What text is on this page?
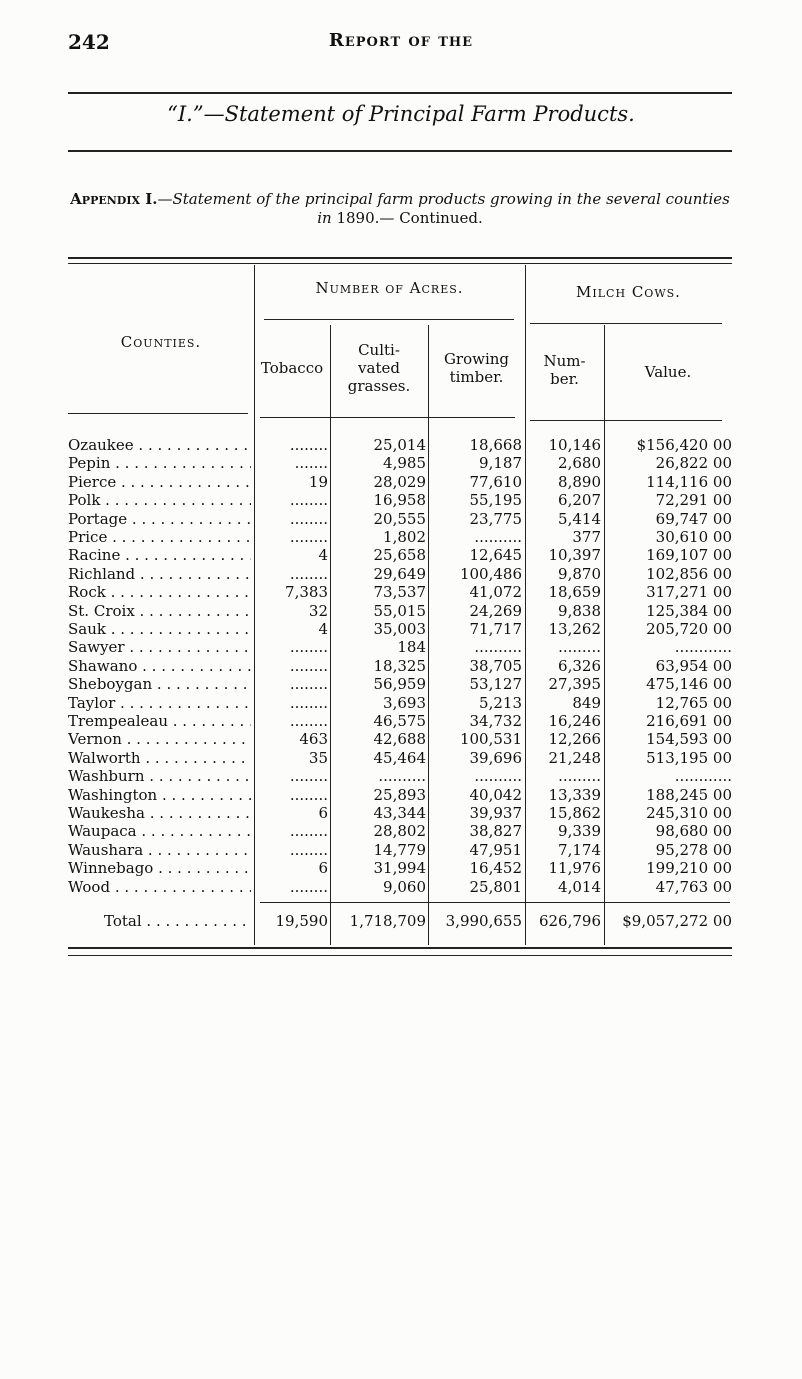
242	Report of the
“I.”—Statement of Principal Farm Products.
Appendix I.—Statement of the principal farm products growing in the several counties in 1890.— Continued.
Counties.
Number of Acres.	Milch Cows.
Tobacco
Culti-
vated
grasses.
Growing
timber.
Num-
ber.	Value.
Ozaukee . . .	........	25,014	18,668	10,146	$156,420 00
Pepin . . .	.......	4,985	9,187	2,680	26,822 00
Pierce . . .	19	28,029	77,610	8,890	114,116 00
Polk . . .	........	16,958	55,195	6,207	72,291 00
Portage . . .	........	20,555	23,775	5,414	69,747 00
Price . . .	........	1,802	..........	377	30,610 00
Racine . . .	4	25,658	12,645	10,397	169,107 00
Richland . . .	........	29,649	100,486	9,870	102,856 00
Rock . . .	7,383	73,537	41,072	18,659	317,271 00
St. Croix . . .	32	55,015	24,269	9,838	125,384 00
Sauk . . .	4	35,003	71,717	13,262	205,720 00
Sawyer . . .	........	184	..........	.........	............
Shawano . . .	........	18,325	38,705	6,326	63,954 00
Sheboygan . . .	........	56,959	53,127	27,395	475,146 00
Taylor . . .	........	3,693	5,213	849	12,765 00
Trempealeau . . .	........	46,575	34,732	16,246	216,691 00
Vernon . . .	463	42,688	100,531	12,266	154,593 00
Walworth . . .	35	45,464	39,696	21,248	513,195 00
Washburn . . .	........	..........	..........	.........	............
Washington . . .	........	25,893	40,042	13,339	188,245 00
Waukesha . . .	6	43,344	39,937	15,862	245,310 00
Waupaca . . .	........	28,802	38,827	9,339	98,680 00
Waushara . . .	........	14,779	47,951	7,174	95,278 00
Winnebago . . .	6	31,994	16,452	11,976	199,210 00
Wood . . .	........	9,060	25,801	4,014	47,763 00
Total . . .	19,590	1,718,709	3,990,655	626,796	$9,057,272 00
